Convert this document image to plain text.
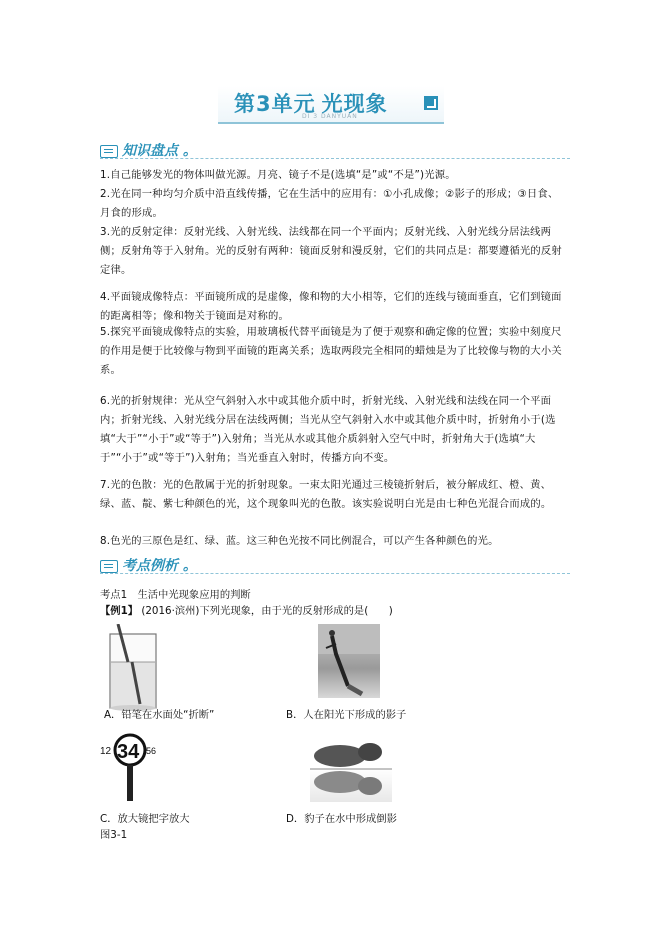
第3单元 光现象
DI 3 DANYUAN
知识盘点 。
1.自己能够发光的物体叫做光源。月亮、镜子不是(选填“是”或“不是”)光源。
2.光在同一种均匀介质中沿直线传播，它在生活中的应用有：①小孔成像；②影子的形成；③日食、月食的形成。
3.光的反射定律：反射光线、入射光线、法线都在同一个平面内；反射光线、入射光线分居法线两侧；反射角等于入射角。光的反射有两种：镜面反射和漫反射，它们的共同点是：都要遵循光的反射定律。
4.平面镜成像特点：平面镜所成的是虚像，像和物的大小相等，它们的连线与镜面垂直，它们到镜面的距离相等；像和物关于镜面是对称的。
5.探究平面镜成像特点的实验，用玻璃板代替平面镜是为了便于观察和确定像的位置；实验中刻度尺的作用是便于比较像与物到平面镜的距离关系；选取两段完全相同的蜡烛是为了比较像与物的大小关系。
6.光的折射规律：光从空气斜射入水中或其他介质中时，折射光线、入射光线和法线在同一个平面内；折射光线、入射光线分居在法线两侧；当光从空气斜射入水中或其他介质中时，折射角小于(选填“大于”“小于”或“等于”)入射角；当光从水或其他介质斜射入空气中时，折射角大于(选填“大于”“小于”或“等于”)入射角；当光垂直入射时，传播方向不变。
7.光的色散：光的色散属于光的折射现象。一束太阳光通过三棱镜折射后，被分解成红、橙、黄、绿、蓝、靛、紫七种颜色的光，这个现象叫光的色散。该实验说明白光是由七种色光混合而成的。
8.色光的三原色是红、绿、蓝。这三种色光按不同比例混合，可以产生各种颜色的光。
考点例析 。
考点1　生活中光现象应用的判断
【例1】 (2016·滨州)下列光现象，由于光的反射形成的是(　　)
A．铅笔在水面处“折断”	B．人在阳光下形成的影子
12 34 56
C．放大镜把字放大	D．豹子在水中形成倒影
图3-1
